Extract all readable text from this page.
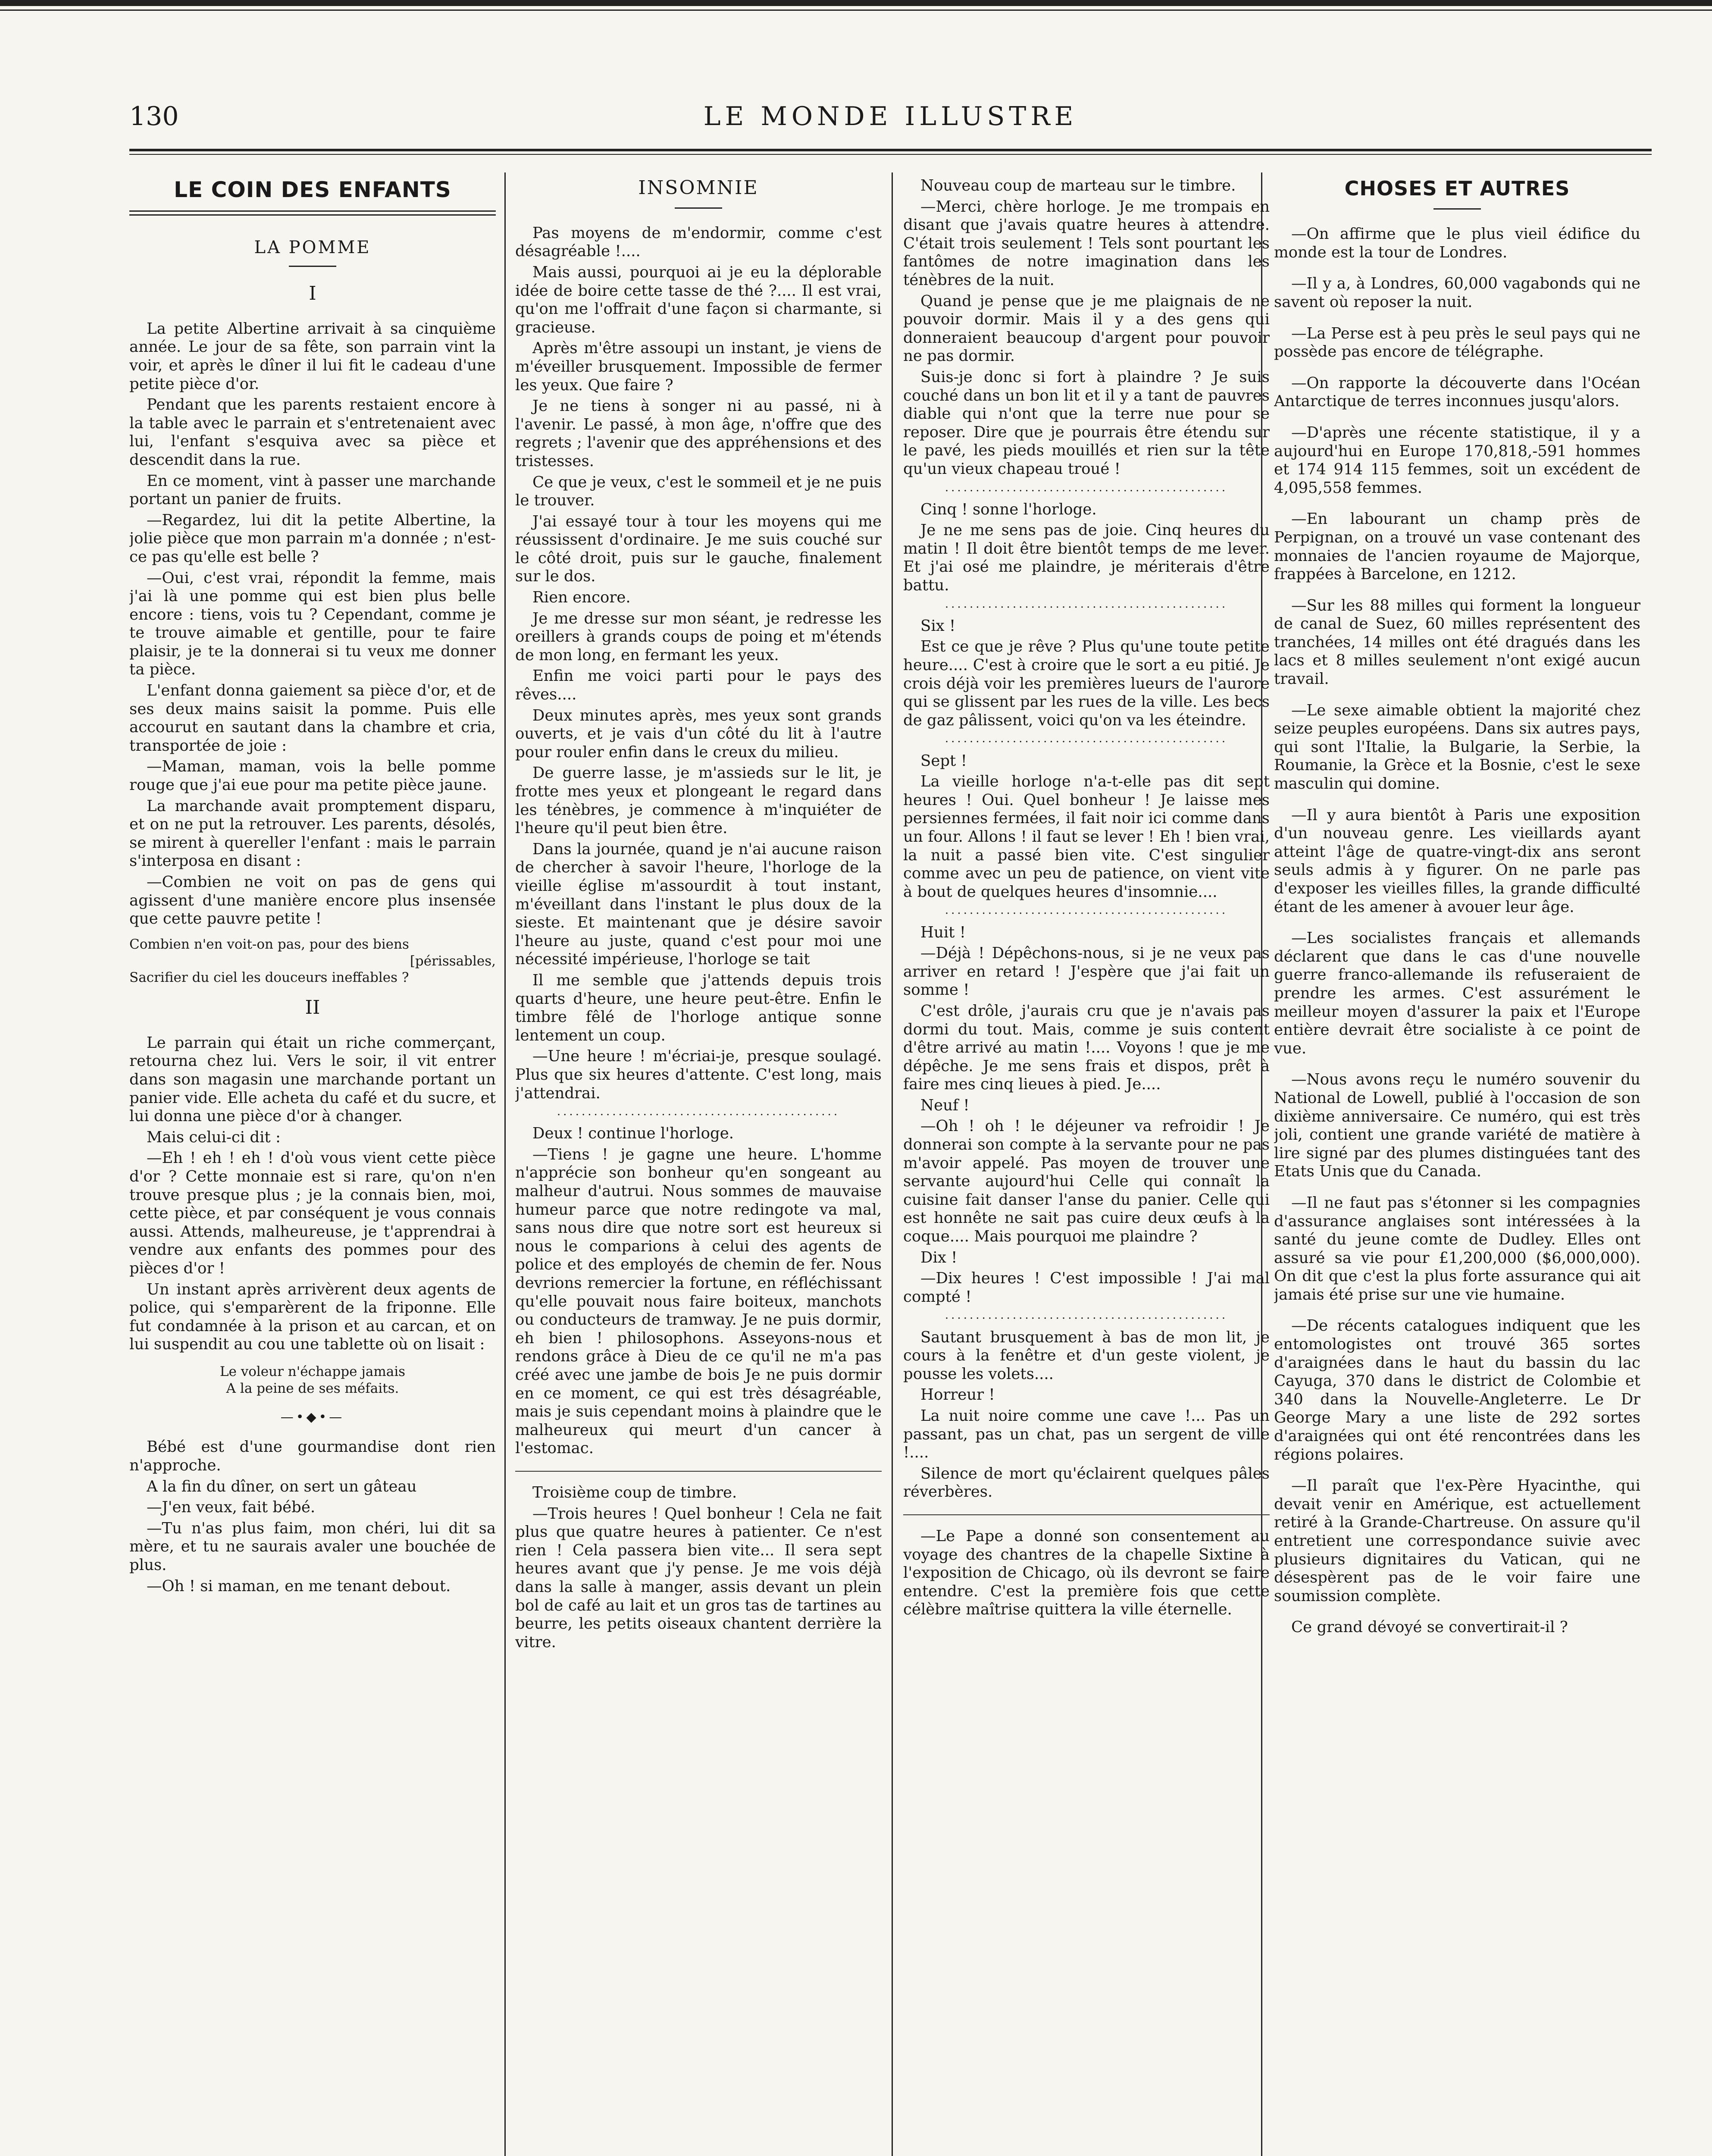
130	LE MONDE ILLUSTRE
LE COIN DES ENFANTS
LA POMME
I

La petite Albertine arrivait à sa cinquième année. Le jour de sa fête, son parrain vint la voir, et après le dîner il lui fit le cadeau d'une petite pièce d'or.

Pendant que les parents restaient encore à la table avec le parrain et s'entretenaient avec lui, l'enfant s'esquiva avec sa pièce et descendit dans la rue.

En ce moment, vint à passer une marchande portant un panier de fruits.

—Regardez, lui dit la petite Albertine, la jolie pièce que mon parrain m'a donnée ; n'est-ce pas qu'elle est belle ?

—Oui, c'est vrai, répondit la femme, mais j'ai là une pomme qui est bien plus belle encore : tiens, vois tu ? Cependant, comme je te trouve aimable et gentille, pour te faire plaisir, je te la donnerai si tu veux me donner ta pièce.

L'enfant donna gaiement sa pièce d'or, et de ses deux mains saisit la pomme. Puis elle accourut en sautant dans la chambre et cria, transportée de joie :

—Maman, maman, vois la belle pomme rouge que j'ai eue pour ma petite pièce jaune.

La marchande avait promptement disparu, et on ne put la retrouver. Les parents, désolés, se mirent à quereller l'enfant : mais le parrain s'interposa en disant :

—Combien ne voit on pas de gens qui agissent d'une manière encore plus insensée que cette pauvre petite !

Combien n'en voit-on pas, pour des biens
[périssables,
Sacrifier du ciel les douceurs ineffables ?
II

Le parrain qui était un riche commerçant, retourna chez lui. Vers le soir, il vit entrer dans son magasin une marchande portant un panier vide. Elle acheta du café et du sucre, et lui donna une pièce d'or à changer.

Mais celui-ci dit :

—Eh ! eh ! eh ! d'où vous vient cette pièce d'or ? Cette monnaie est si rare, qu'on n'en trouve presque plus ; je la connais bien, moi, cette pièce, et par conséquent je vous connais aussi. Attends, malheureuse, je t'apprendrai à vendre aux enfants des pommes pour des pièces d'or !

Un instant après arrivèrent deux agents de police, qui s'emparèrent de la friponne. Elle fut condamnée à la prison et au carcan, et on lui suspendit au cou une tablette où on lisait :

Le voleur n'échappe jamais
A la peine de ses méfaits.
—•◆•—

Bébé est d'une gourmandise dont rien n'approche.

A la fin du dîner, on sert un gâteau

—J'en veux, fait bébé.

—Tu n'as plus faim, mon chéri, lui dit sa mère, et tu ne saurais avaler une bouchée de plus.

—Oh ! si maman, en me tenant debout.

INSOMNIE

Pas moyens de m'endormir, comme c'est désagréable !....

Mais aussi, pourquoi ai je eu la déplorable idée de boire cette tasse de thé ?.... Il est vrai, qu'on me l'offrait d'une façon si charmante, si gracieuse.

Après m'être assoupi un instant, je viens de m'éveiller brusquement. Impossible de fermer les yeux. Que faire ?

Je ne tiens à songer ni au passé, ni à l'avenir. Le passé, à mon âge, n'offre que des regrets ; l'avenir que des appréhensions et des tristesses.

Ce que je veux, c'est le sommeil et je ne puis le trouver.

J'ai essayé tour à tour les moyens qui me réussissent d'ordinaire. Je me suis couché sur le côté droit, puis sur le gauche, finalement sur le dos.

Rien encore.

Je me dresse sur mon séant, je redresse les oreillers à grands coups de poing et m'étends de mon long, en fermant les yeux.

Enfin me voici parti pour le pays des rêves....

Deux minutes après, mes yeux sont grands ouverts, et je vais d'un côté du lit à l'autre pour rouler enfin dans le creux du milieu.

De guerre lasse, je m'assieds sur le lit, je frotte mes yeux et plongeant le regard dans les ténèbres, je commence à m'inquiéter de l'heure qu'il peut bien être.

Dans la journée, quand je n'ai aucune raison de chercher à savoir l'heure, l'horloge de la vieille église m'assourdit à tout instant, m'éveillant dans l'instant le plus doux de la sieste. Et maintenant que je désire savoir l'heure au juste, quand c'est pour moi une nécessité impérieuse, l'horloge se tait

Il me semble que j'attends depuis trois quarts d'heure, une heure peut-être. Enfin le timbre fêlé de l'horloge antique sonne lentement un coup.

—Une heure ! m'écriai-je, presque soulagé. Plus que six heures d'attente. C'est long, mais j'attendrai.

..............................................

Deux ! continue l'horloge.

—Tiens ! je gagne une heure. L'homme n'apprécie son bonheur qu'en songeant au malheur d'autrui. Nous sommes de mauvaise humeur parce que notre redingote va mal, sans nous dire que notre sort est heureux si nous le comparions à celui des agents de police et des employés de chemin de fer. Nous devrions remercier la fortune, en réfléchissant qu'elle pouvait nous faire boiteux, manchots ou conducteurs de tramway. Je ne puis dormir, eh bien ! philosophons. Asseyons-nous et rendons grâce à Dieu de ce qu'il ne m'a pas créé avec une jambe de bois Je ne puis dormir en ce moment, ce qui est très désagréable, mais je suis cependant moins à plaindre que le malheureux qui meurt d'un cancer à l'estomac.

Troisième coup de timbre.

—Trois heures ! Quel bonheur ! Cela ne fait plus que quatre heures à patienter. Ce n'est rien ! Cela passera bien vite... Il sera sept heures avant que j'y pense. Je me vois déjà dans la salle à manger, assis devant un plein bol de café au lait et un gros tas de tartines au beurre, les petits oiseaux chantent derrière la vitre.

Nouveau coup de marteau sur le timbre.

—Merci, chère horloge. Je me trompais en disant que j'avais quatre heures à attendre. C'était trois seulement ! Tels sont pourtant les fantômes de notre imagination dans les ténèbres de la nuit.

Quand je pense que je me plaignais de ne pouvoir dormir. Mais il y a des gens qui donneraient beaucoup d'argent pour pouvoir ne pas dormir.

Suis-je donc si fort à plaindre ? Je suis couché dans un bon lit et il y a tant de pauvres diable qui n'ont que la terre nue pour se reposer. Dire que je pourrais être étendu sur le pavé, les pieds mouillés et rien sur la tête qu'un vieux chapeau troué !

..............................................

Cinq ! sonne l'horloge.

Je ne me sens pas de joie. Cinq heures du matin ! Il doit être bientôt temps de me lever. Et j'ai osé me plaindre, je mériterais d'être battu.

..............................................

Six !

Est ce que je rêve ? Plus qu'une toute petite heure.... C'est à croire que le sort a eu pitié. Je crois déjà voir les premières lueurs de l'aurore qui se glissent par les rues de la ville. Les becs de gaz pâlissent, voici qu'on va les éteindre.

..............................................

Sept !

La vieille horloge n'a-t-elle pas dit sept heures ! Oui. Quel bonheur ! Je laisse mes persiennes fermées, il fait noir ici comme dans un four. Allons ! il faut se lever ! Eh ! bien vrai, la nuit a passé bien vite. C'est singulier comme avec un peu de patience, on vient vite à bout de quelques heures d'insomnie....

..............................................

Huit !

—Déjà ! Dépêchons-nous, si je ne veux pas arriver en retard ! J'espère que j'ai fait un somme !

C'est drôle, j'aurais cru que je n'avais pas dormi du tout. Mais, comme je suis content d'être arrivé au matin !.... Voyons ! que je me dépêche. Je me sens frais et dispos, prêt à faire mes cinq lieues à pied. Je....

Neuf !

—Oh ! oh ! le déjeuner va refroidir ! Je donnerai son compte à la servante pour ne pas m'avoir appelé. Pas moyen de trouver une servante aujourd'hui Celle qui connaît la cuisine fait danser l'anse du panier. Celle qui est honnête ne sait pas cuire deux œufs à la coque.... Mais pourquoi me plaindre ?

Dix !

—Dix heures ! C'est impossible ! J'ai mal compté !

..............................................

Sautant brusquement à bas de mon lit, je cours à la fenêtre et d'un geste violent, je pousse les volets....

Horreur !

La nuit noire comme une cave !... Pas un passant, pas un chat, pas un sergent de ville !....

Silence de mort qu'éclairent quelques pâles réverbères.

—Le Pape a donné son consentement au voyage des chantres de la chapelle Sixtine à l'exposition de Chicago, où ils devront se faire entendre. C'est la première fois que cette célèbre maîtrise quittera la ville éternelle.

CHOSES ET AUTRES

—On affirme que le plus vieil édifice du monde est la tour de Londres.

—Il y a, à Londres, 60,000 vagabonds qui ne savent où reposer la nuit.

—La Perse est à peu près le seul pays qui ne possède pas encore de télégraphe.

—On rapporte la découverte dans l'Océan Antarctique de terres inconnues jusqu'alors.

—D'après une récente statistique, il y a aujourd'hui en Europe 170,818,-591 hommes et 174 914 115 femmes, soit un excédent de 4,095,558 femmes.

—En labourant un champ près de Perpignan, on a trouvé un vase contenant des monnaies de l'ancien royaume de Majorque, frappées à Barcelone, en 1212.

—Sur les 88 milles qui forment la longueur de canal de Suez, 60 milles représentent des tranchées, 14 milles ont été dragués dans les lacs et 8 milles seulement n'ont exigé aucun travail.

—Le sexe aimable obtient la majorité chez seize peuples européens. Dans six autres pays, qui sont l'Italie, la Bulgarie, la Serbie, la Roumanie, la Grèce et la Bosnie, c'est le sexe masculin qui domine.

—Il y aura bientôt à Paris une exposition d'un nouveau genre. Les vieillards ayant atteint l'âge de quatre-vingt-dix ans seront seuls admis à y figurer. On ne parle pas d'exposer les vieilles filles, la grande difficulté étant de les amener à avouer leur âge.

—Les socialistes français et allemands déclarent que dans le cas d'une nouvelle guerre franco-allemande ils refuseraient de prendre les armes. C'est assurément le meilleur moyen d'assurer la paix et l'Europe entière devrait être socialiste à ce point de vue.

—Nous avons reçu le numéro souvenir du National de Lowell, publié à l'occasion de son dixième anniversaire. Ce numéro, qui est très joli, contient une grande variété de matière à lire signé par des plumes distinguées tant des Etats Unis que du Canada.

—Il ne faut pas s'étonner si les compagnies d'assurance anglaises sont intéressées à la santé du jeune comte de Dudley. Elles ont assuré sa vie pour £1,200,000 ($6,000,000). On dit que c'est la plus forte assurance qui ait jamais été prise sur une vie humaine.

—De récents catalogues indiquent que les entomologistes ont trouvé 365 sortes d'araignées dans le haut du bassin du lac Cayuga, 370 dans le district de Colombie et 340 dans la Nouvelle-Angleterre. Le Dr George Mary a une liste de 292 sortes d'araignées qui ont été rencontrées dans les régions polaires.

—Il paraît que l'ex-Père Hyacinthe, qui devait venir en Amérique, est actuellement retiré à la Grande-Chartreuse. On assure qu'il entretient une correspondance suivie avec plusieurs dignitaires du Vatican, qui ne désespèrent pas de le voir faire une soumission complète.

Ce grand dévoyé se convertirait-il ?
